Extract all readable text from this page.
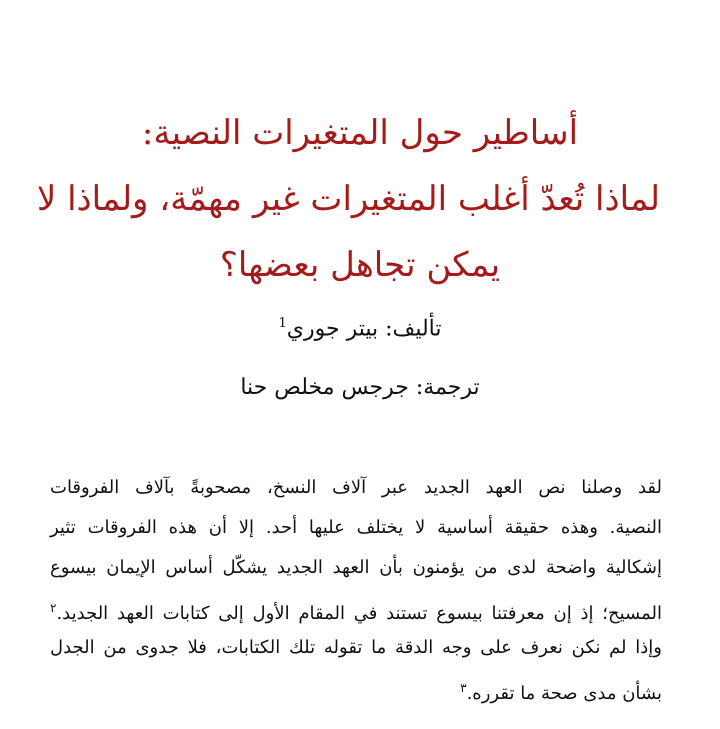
أساطير حول المتغيرات النصية:
لماذا تُعدّ أغلب المتغيرات غير مهمّة، ولماذا لا
يمكن تجاهل بعضها؟
تأليف: بيتر جوري$^1$
ترجمة: جرجس مخلص حنا
لقد وصلنا نص العهد الجديد عبر آلاف النسخ، مصحوبةً بآلاف الفروقات
النصية. وهذه حقيقة أساسية لا يختلف عليها أحد. إلا أن هذه الفروقات تثير
إشكالية واضحة لدى من يؤمنون بأن العهد الجديد يشكّل أساس الإيمان بيسوع
المسيح؛ إذ إن معرفتنا بيسوع تستند في المقام الأول إلى كتابات العهد الجديد.$^٢$
وإذا لم نكن نعرف على وجه الدقة ما تقوله تلك الكتابات، فلا جدوى من الجدل
بشأن مدى صحة ما تقرره.$^٣$
